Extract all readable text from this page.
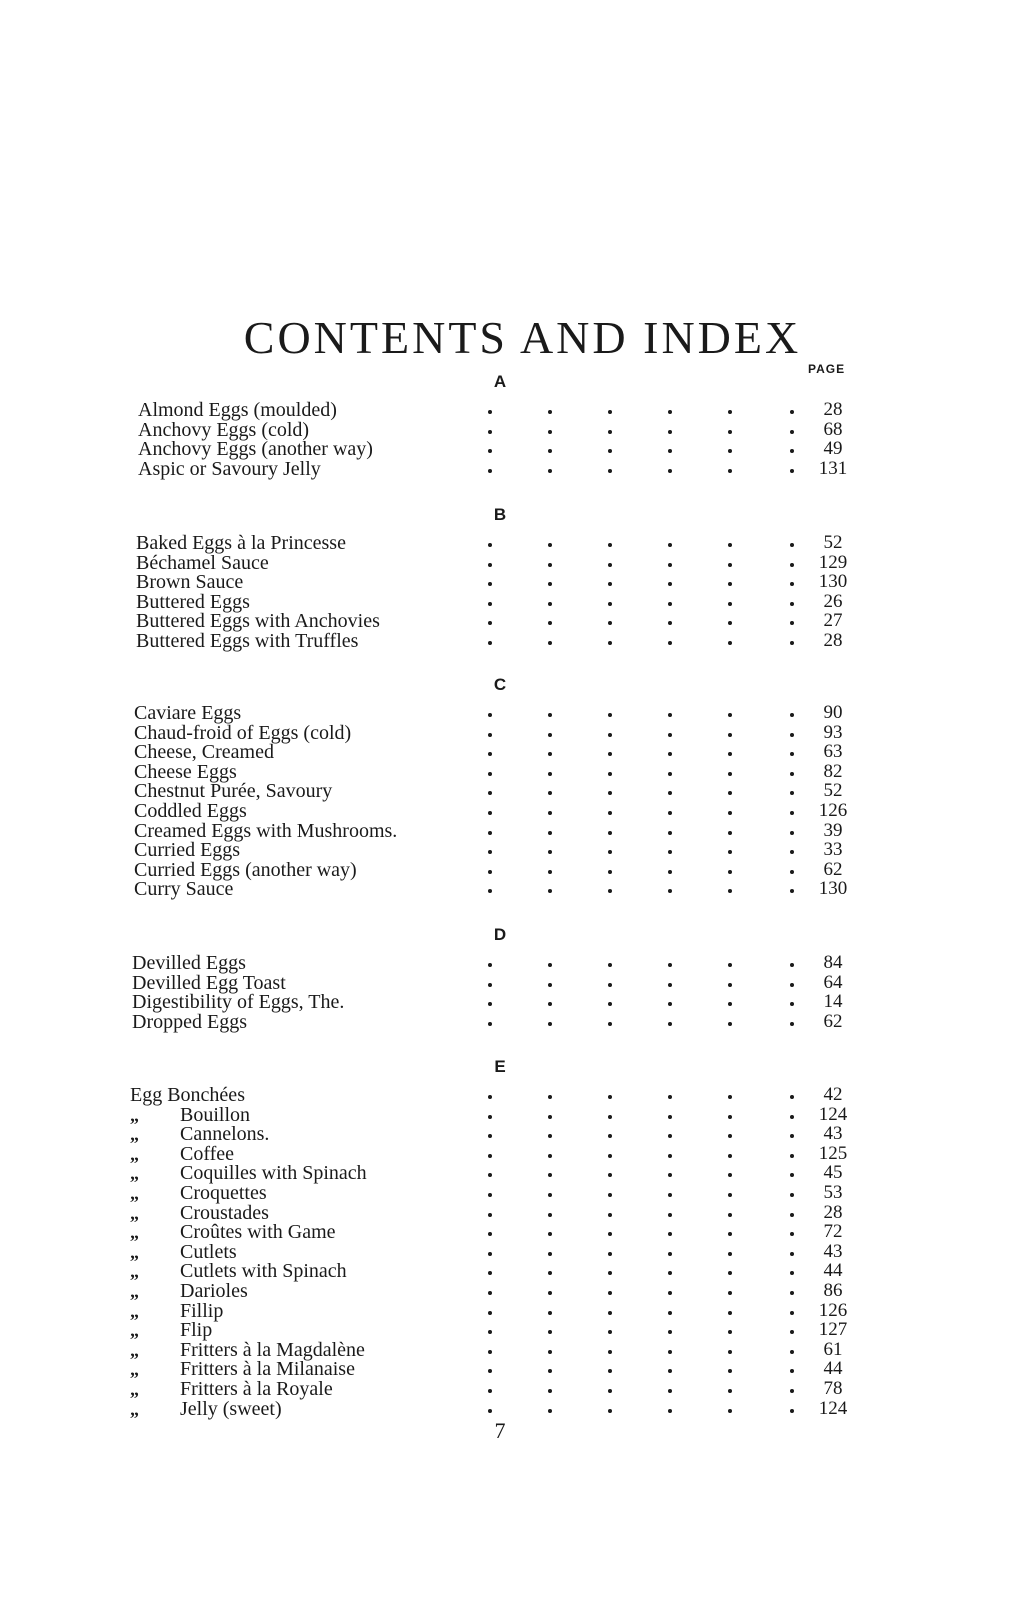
CONTENTS AND INDEX
PAGE
A
Almond Eggs (moulded)	28
Anchovy Eggs (cold)	68
Anchovy Eggs (another way)	49
Aspic or Savoury Jelly	131
B
Baked Eggs à la Princesse	52
Béchamel Sauce	129
Brown Sauce	130
Buttered Eggs	26
Buttered Eggs with Anchovies	27
Buttered Eggs with Truffles	28
C
Caviare Eggs	90
Chaud-froid of Eggs (cold)	93
Cheese, Creamed	63
Cheese Eggs	82
Chestnut Purée, Savoury	52
Coddled Eggs	126
Creamed Eggs with Mushrooms.	39
Curried Eggs	33
Curried Eggs (another way)	62
Curry Sauce	130
D
Devilled Eggs	84
Devilled Egg Toast	64
Digestibility of Eggs, The.	14
Dropped Eggs	62
E
Egg Bonchées	42
„ Bouillon	124
„ Cannelons.	43
„ Coffee	125
„ Coquilles with Spinach	45
„ Croquettes	53
„ Croustades	28
„ Croûtes with Game	72
„ Cutlets	43
„ Cutlets with Spinach	44
„ Darioles	86
„ Fillip	126
„ Flip	127
„ Fritters à la Magdalène	61
„ Fritters à la Milanaise	44
„ Fritters à la Royale	78
„ Jelly (sweet)	124
7
